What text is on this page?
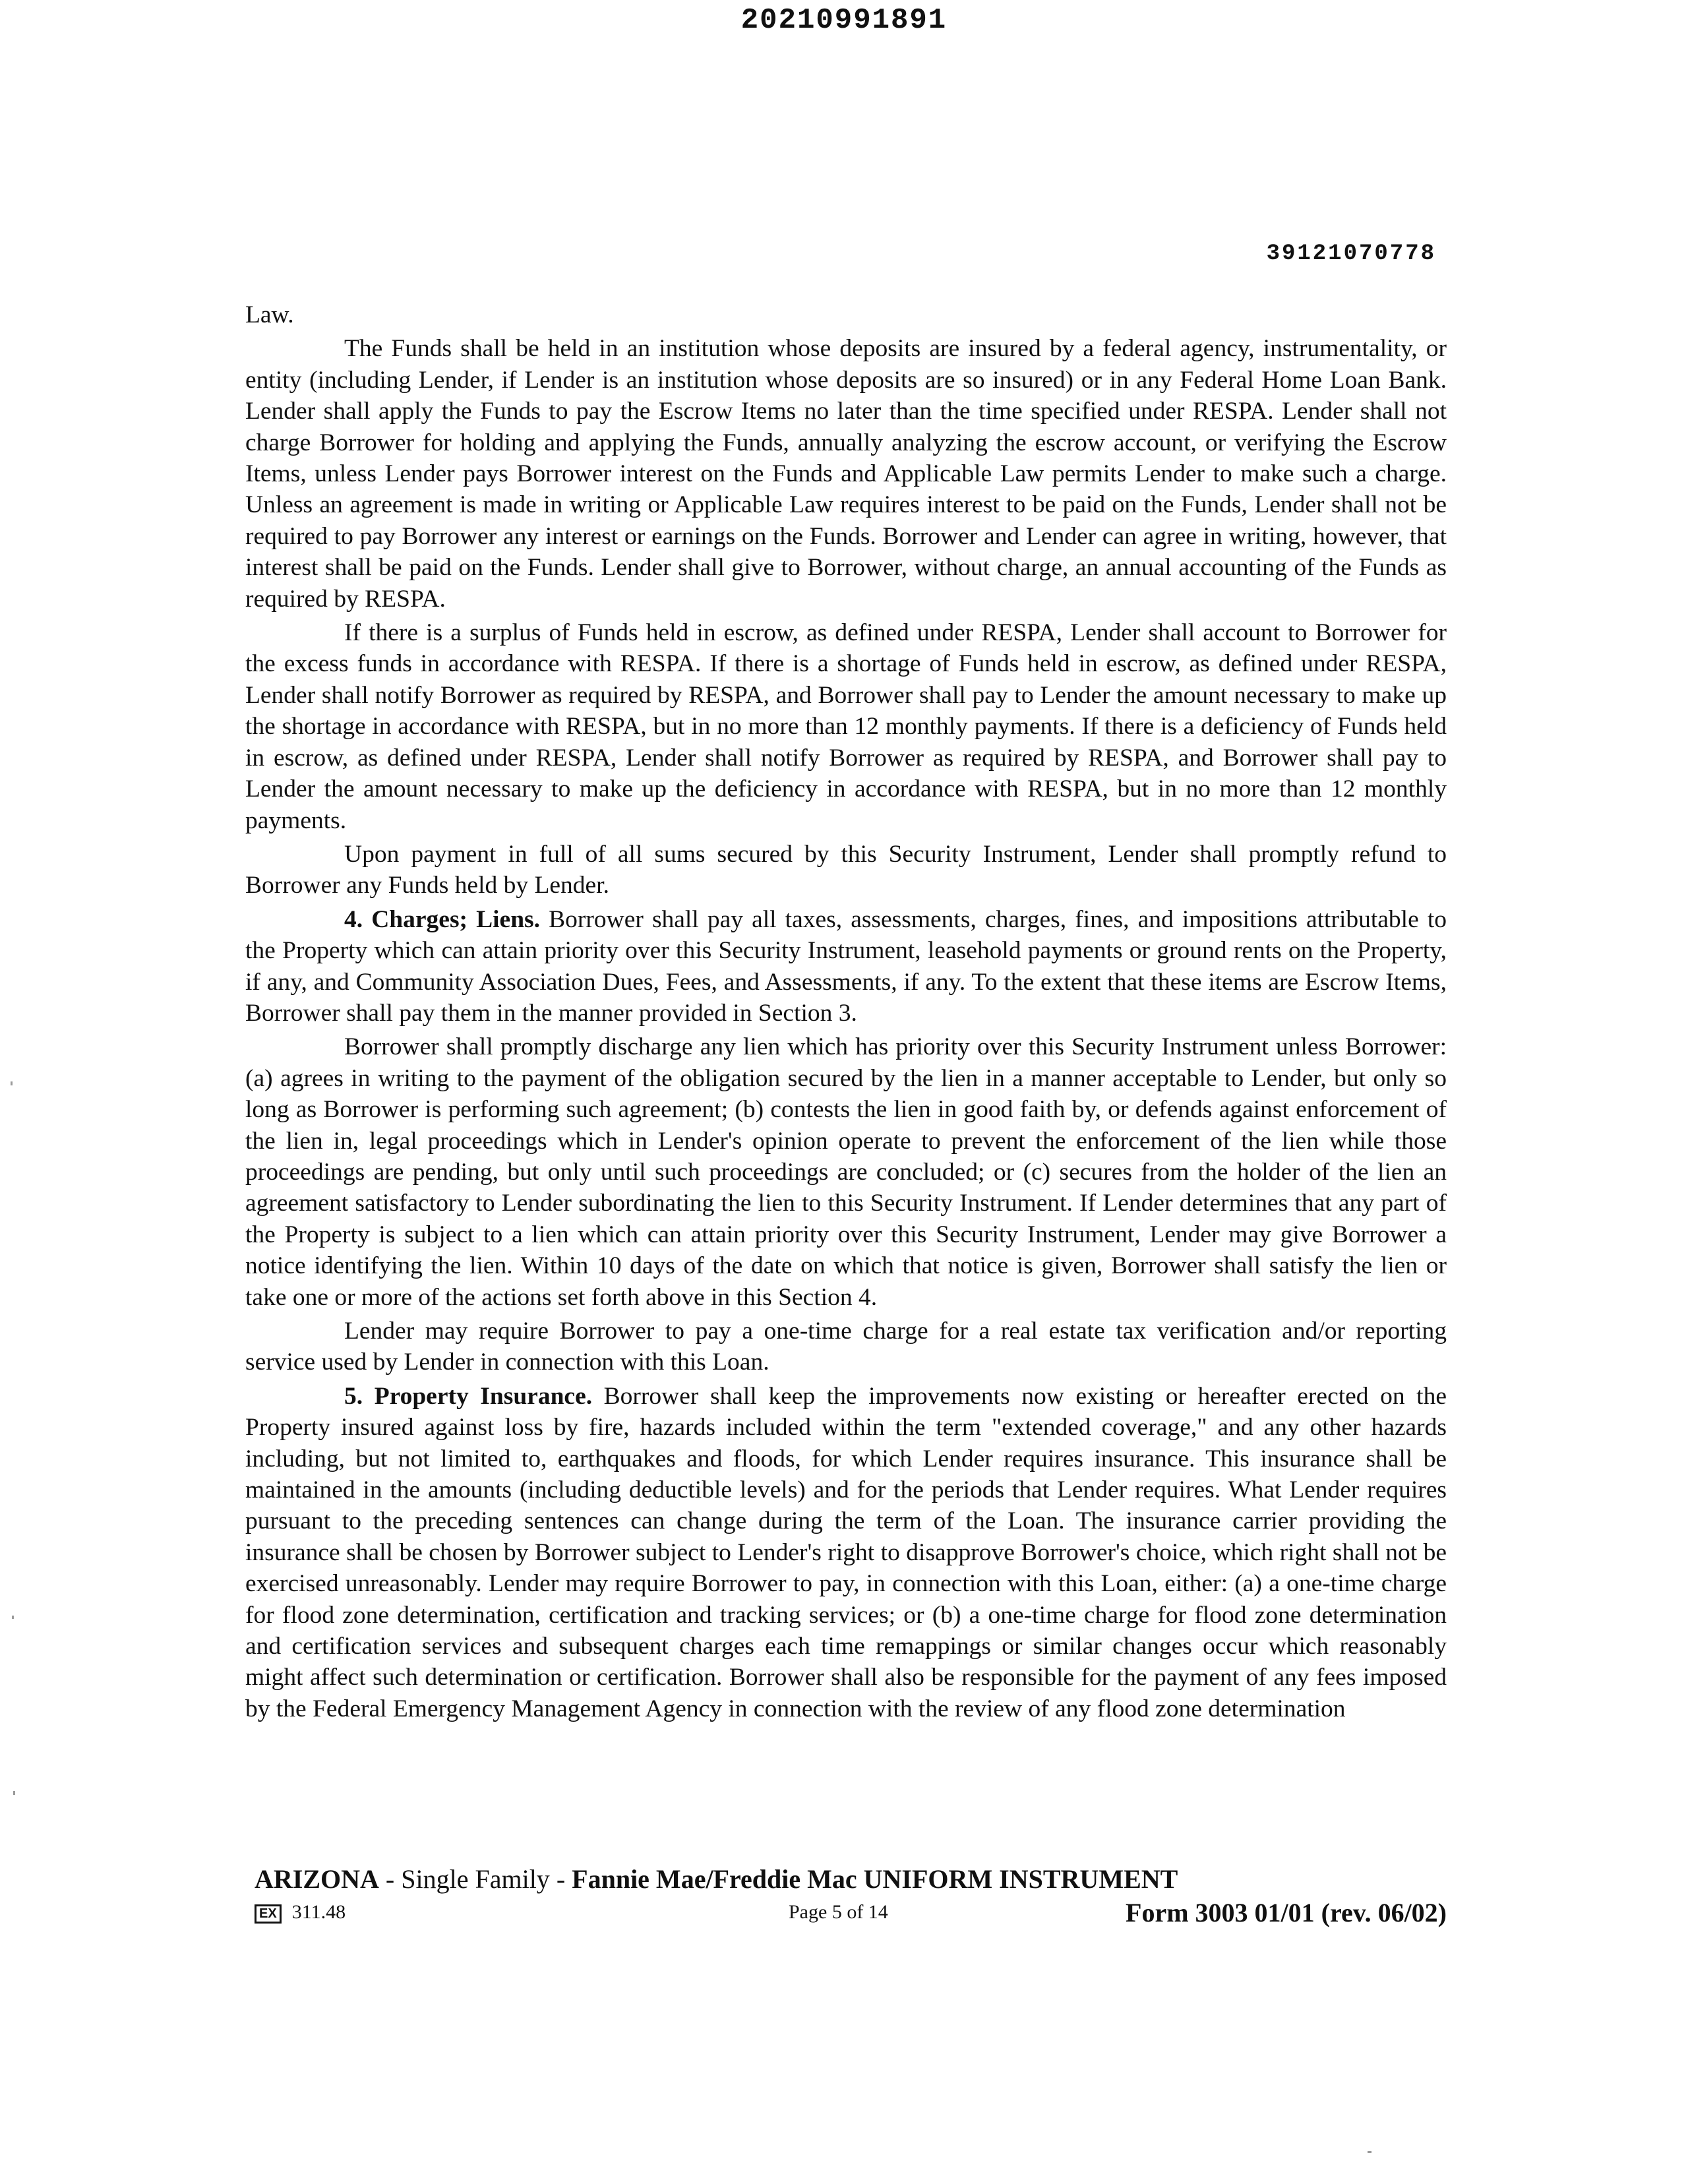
20210991891
39121070778

Law.

The Funds shall be held in an institution whose deposits are insured by a federal agency, instrumentality, or entity (including Lender, if Lender is an institution whose deposits are so insured) or in any Federal Home Loan Bank. Lender shall apply the Funds to pay the Escrow Items no later than the time specified under RESPA. Lender shall not charge Borrower for holding and applying the Funds, annually analyzing the escrow account, or verifying the Escrow Items, unless Lender pays Borrower interest on the Funds and Applicable Law permits Lender to make such a charge. Unless an agreement is made in writing or Applicable Law requires interest to be paid on the Funds, Lender shall not be required to pay Borrower any interest or earnings on the Funds. Borrower and Lender can agree in writing, however, that interest shall be paid on the Funds. Lender shall give to Borrower, without charge, an annual accounting of the Funds as required by RESPA.

If there is a surplus of Funds held in escrow, as defined under RESPA, Lender shall account to Borrower for the excess funds in accordance with RESPA. If there is a shortage of Funds held in escrow, as defined under RESPA, Lender shall notify Borrower as required by RESPA, and Borrower shall pay to Lender the amount necessary to make up the shortage in accordance with RESPA, but in no more than 12 monthly payments. If there is a deficiency of Funds held in escrow, as defined under RESPA, Lender shall notify Borrower as required by RESPA, and Borrower shall pay to Lender the amount necessary to make up the deficiency in accordance with RESPA, but in no more than 12 monthly payments.

Upon payment in full of all sums secured by this Security Instrument, Lender shall promptly refund to Borrower any Funds held by Lender.

4. Charges; Liens. Borrower shall pay all taxes, assessments, charges, fines, and impositions attributable to the Property which can attain priority over this Security Instrument, leasehold payments or ground rents on the Property, if any, and Community Association Dues, Fees, and Assessments, if any. To the extent that these items are Escrow Items, Borrower shall pay them in the manner provided in Section 3.

Borrower shall promptly discharge any lien which has priority over this Security Instrument unless Borrower: (a) agrees in writing to the payment of the obligation secured by the lien in a manner acceptable to Lender, but only so long as Borrower is performing such agreement; (b) contests the lien in good faith by, or defends against enforcement of the lien in, legal proceedings which in Lender's opinion operate to prevent the enforcement of the lien while those proceedings are pending, but only until such proceedings are concluded; or (c) secures from the holder of the lien an agreement satisfactory to Lender subordinating the lien to this Security Instrument. If Lender determines that any part of the Property is subject to a lien which can attain priority over this Security Instrument, Lender may give Borrower a notice identifying the lien. Within 10 days of the date on which that notice is given, Borrower shall satisfy the lien or take one or more of the actions set forth above in this Section 4.

Lender may require Borrower to pay a one-time charge for a real estate tax verification and/or reporting service used by Lender in connection with this Loan.

5. Property Insurance. Borrower shall keep the improvements now existing or hereafter erected on the Property insured against loss by fire, hazards included within the term "extended coverage," and any other hazards including, but not limited to, earthquakes and floods, for which Lender requires insurance. This insurance shall be maintained in the amounts (including deductible levels) and for the periods that Lender requires. What Lender requires pursuant to the preceding sentences can change during the term of the Loan. The insurance carrier providing the insurance shall be chosen by Borrower subject to Lender's right to disapprove Borrower's choice, which right shall not be exercised unreasonably. Lender may require Borrower to pay, in connection with this Loan, either: (a) a one-time charge for flood zone determination, certification and tracking services; or (b) a one-time charge for flood zone determination and certification services and subsequent charges each time remappings or similar changes occur which reasonably might affect such determination or certification. Borrower shall also be responsible for the payment of any fees imposed by the Federal Emergency Management Agency in connection with the review of any flood zone determination

ARIZONA - Single Family - Fannie Mae/Freddie Mac UNIFORM INSTRUMENT
EX 311.48	Page 5 of 14	Form 3003 01/01 (rev. 06/02)
